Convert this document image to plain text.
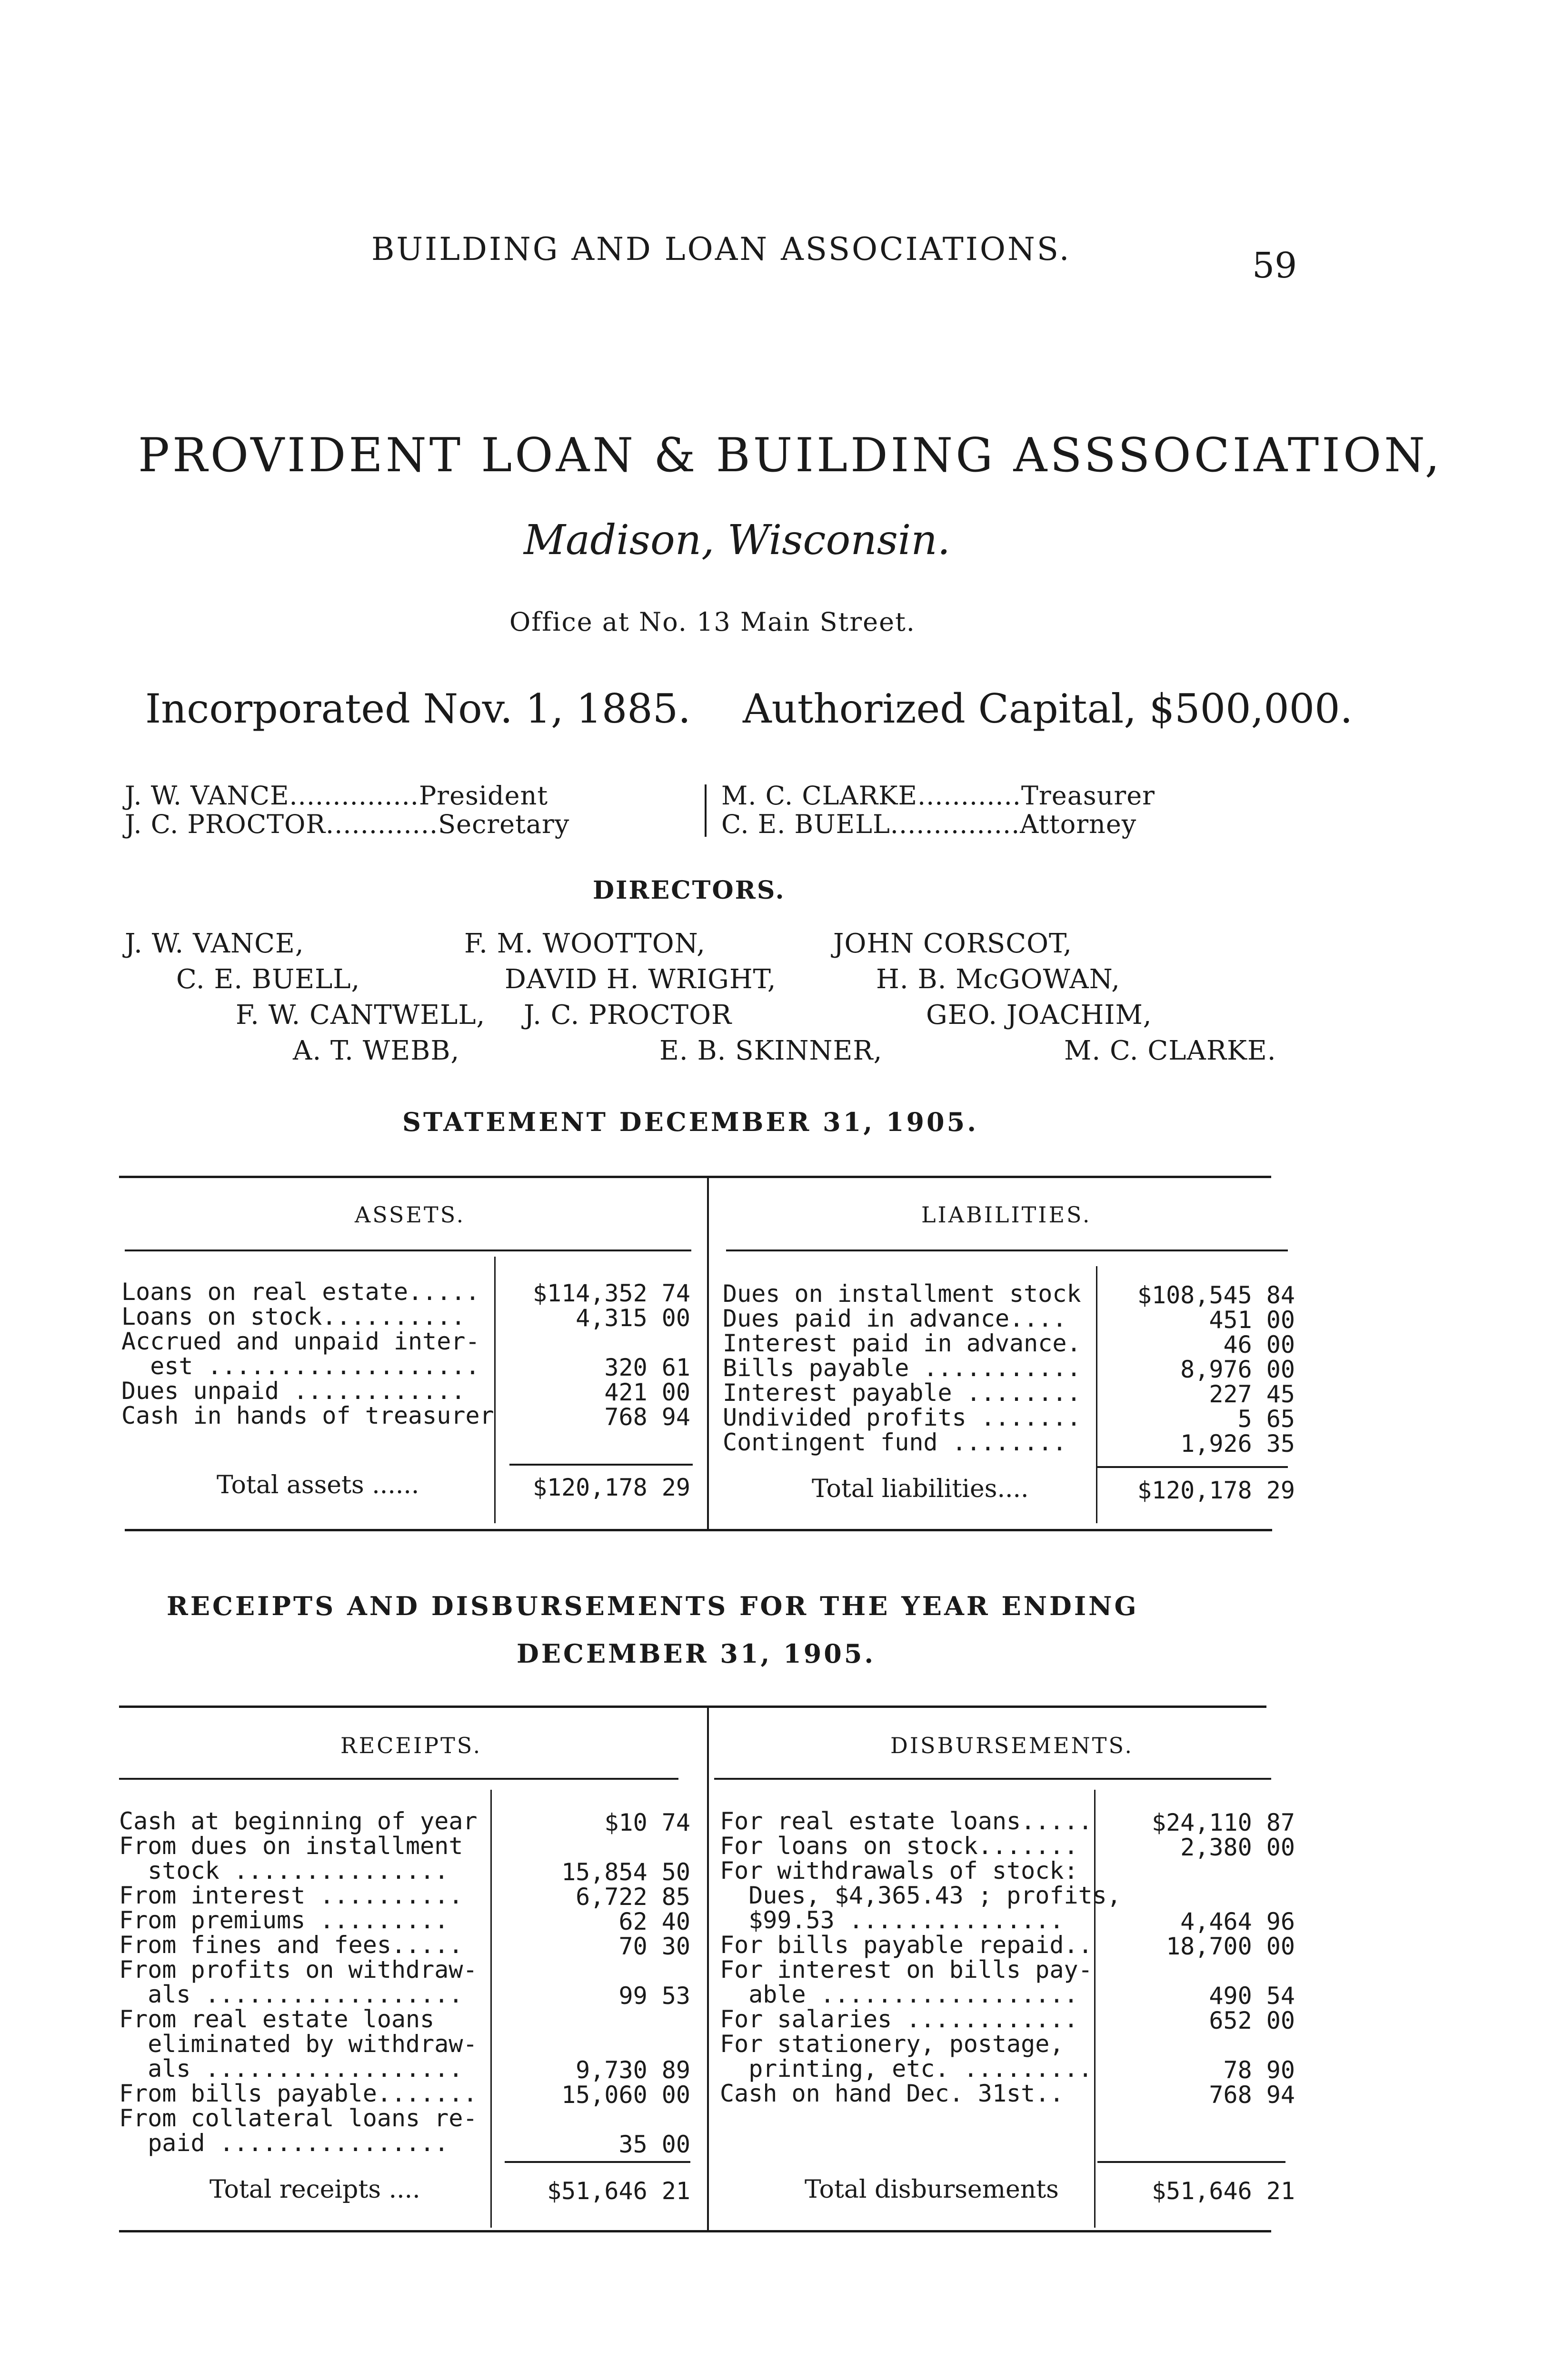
BUILDING AND LOAN ASSOCIATIONS.	59
PROVIDENT LOAN & BUILDING ASSSOCIATION,
Madison, Wisconsin.
Office at No. 13 Main Street.
Incorporated Nov. 1, 1885. Authorized Capital, $500,000.
J. W. VANCE...............President
J. C. PROCTOR.............Secretary
M. C. CLARKE............Treasurer
C. E. BUELL...............Attorney
DIRECTORS.
J. W. VANCE,	F. M. WOOTTON,	JOHN CORSCOT,
C. E. BUELL,	DAVID H. WRIGHT,	H. B. McGOWAN,
F. W. CANTWELL, J. C. PROCTOR	GEO. JOACHIM,
A. T. WEBB,	E. B. SKINNER,	M. C. CLARKE.
STATEMENT DECEMBER 31, 1905.
ASSETS.	LIABILITIES.
Loans on real estate.....	$114,352 74
Loans on stock..........	4,315 00
Accrued and unpaid inter-
est ...................	320 61
Dues unpaid ............	421 00
Cash in hands of treasurer	768 94
Total assets ......	$120,178 29
Dues on installment stock	$108,545 84
Dues paid in advance....	451 00
Interest paid in advance.	46 00
Bills payable ...........	8,976 00
Interest payable ........	227 45
Undivided profits .......	5 65
Contingent fund ........	1,926 35
Total liabilities....	$120,178 29
RECEIPTS AND DISBURSEMENTS FOR THE YEAR ENDING
DECEMBER 31, 1905.
RECEIPTS.	DISBURSEMENTS.
Cash at beginning of year	$10 74
From dues on installment
stock ...............	15,854 50
From interest ..........	6,722 85
From premiums .........	62 40
From fines and fees.....	70 30
From profits on withdraw-
als ..................	99 53
From real estate loans
eliminated by withdraw-
als ..................	9,730 89
From bills payable.......	15,060 00
From collateral loans re-
paid ................	35 00
Total receipts ....	$51,646 21
For real estate loans.....	$24,110 87
For loans on stock.......	2,380 00
For withdrawals of stock:
Dues, $4,365.43 ; profits,
$99.53 ...............	4,464 96
For bills payable repaid..	18,700 00
For interest on bills pay-
able ..................	490 54
For salaries ............	652 00
For stationery, postage,
printing, etc. .........	78 90
Cash on hand Dec. 31st..	768 94
Total disbursements	$51,646 21
